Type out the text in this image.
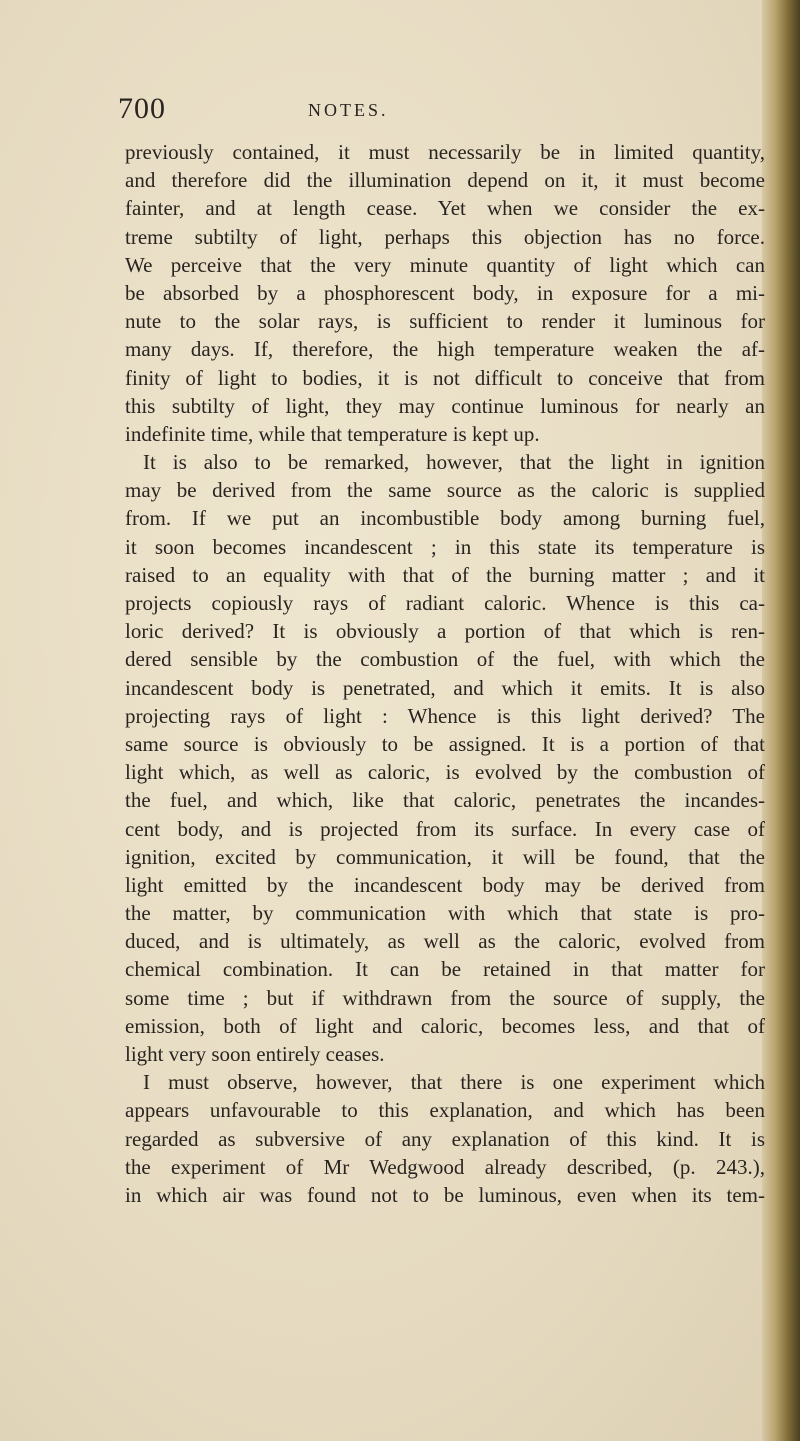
700	NOTES.
previously contained, it must necessarily be in limited quantity,
and therefore did the illumination depend on it, it must become
fainter, and at length cease. Yet when we consider the ex-
treme subtilty of light, perhaps this objection has no force.
We perceive that the very minute quantity of light which can
be absorbed by a phosphorescent body, in exposure for a mi-
nute to the solar rays, is sufficient to render it luminous for
many days. If, therefore, the high temperature weaken the af-
finity of light to bodies, it is not difficult to conceive that from
this subtilty of light, they may continue luminous for nearly an
indefinite time, while that temperature is kept up.
It is also to be remarked, however, that the light in ignition
may be derived from the same source as the caloric is supplied
from. If we put an incombustible body among burning fuel,
it soon becomes incandescent ; in this state its temperature is
raised to an equality with that of the burning matter ; and it
projects copiously rays of radiant caloric. Whence is this ca-
loric derived? It is obviously a portion of that which is ren-
dered sensible by the combustion of the fuel, with which the
incandescent body is penetrated, and which it emits. It is also
projecting rays of light : Whence is this light derived? The
same source is obviously to be assigned. It is a portion of that
light which, as well as caloric, is evolved by the combustion of
the fuel, and which, like that caloric, penetrates the incandes-
cent body, and is projected from its surface. In every case of
ignition, excited by communication, it will be found, that the
light emitted by the incandescent body may be derived from
the matter, by communication with which that state is pro-
duced, and is ultimately, as well as the caloric, evolved from
chemical combination. It can be retained in that matter for
some time ; but if withdrawn from the source of supply, the
emission, both of light and caloric, becomes less, and that of
light very soon entirely ceases.
I must observe, however, that there is one experiment which
appears unfavourable to this explanation, and which has been
regarded as subversive of any explanation of this kind. It is
the experiment of Mr Wedgwood already described, (p. 243.),
in which air was found not to be luminous, even when its tem-
